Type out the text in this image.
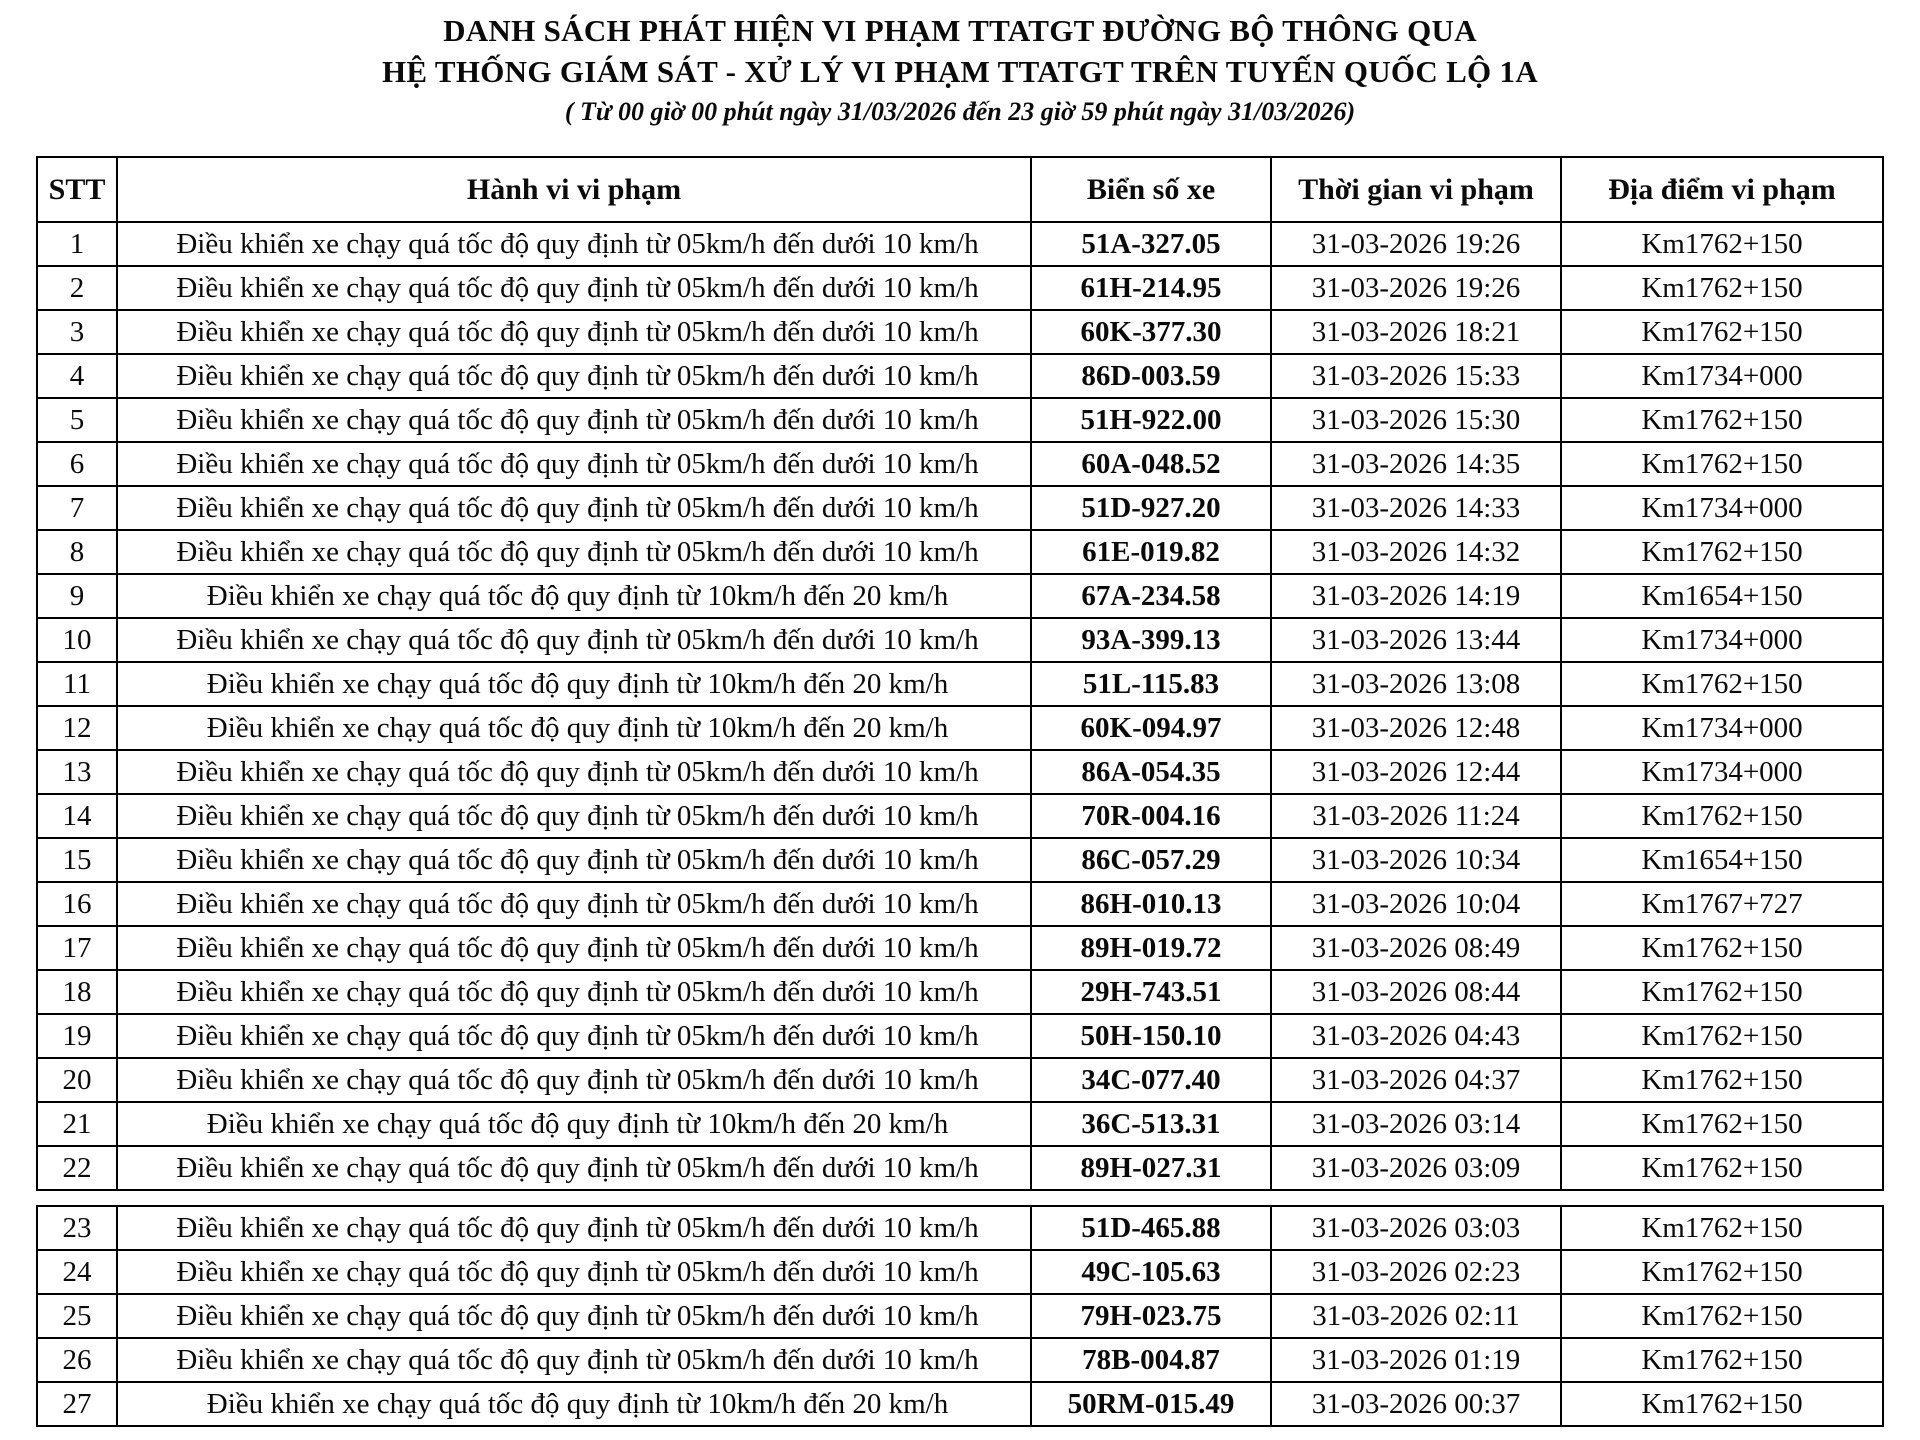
DANH SÁCH PHÁT HIỆN VI PHẠM TTATGT ĐƯỜNG BỘ THÔNG QUA
HỆ THỐNG GIÁM SÁT - XỬ LÝ VI PHẠM TTATGT TRÊN TUYẾN QUỐC LỘ 1A
( Từ 00 giờ 00 phút ngày 31/03/2026 đến 23 giờ 59 phút ngày 31/03/2026)
STT	Hành vi vi phạm	Biển số xe	Thời gian vi phạm	Địa điểm vi phạm
1	Điều khiển xe chạy quá tốc độ quy định từ 05km/h đến dưới 10 km/h	51A-327.05	31-03-2026 19:26	Km1762+150
2	Điều khiển xe chạy quá tốc độ quy định từ 05km/h đến dưới 10 km/h	61H-214.95	31-03-2026 19:26	Km1762+150
3	Điều khiển xe chạy quá tốc độ quy định từ 05km/h đến dưới 10 km/h	60K-377.30	31-03-2026 18:21	Km1762+150
4	Điều khiển xe chạy quá tốc độ quy định từ 05km/h đến dưới 10 km/h	86D-003.59	31-03-2026 15:33	Km1734+000
5	Điều khiển xe chạy quá tốc độ quy định từ 05km/h đến dưới 10 km/h	51H-922.00	31-03-2026 15:30	Km1762+150
6	Điều khiển xe chạy quá tốc độ quy định từ 05km/h đến dưới 10 km/h	60A-048.52	31-03-2026 14:35	Km1762+150
7	Điều khiển xe chạy quá tốc độ quy định từ 05km/h đến dưới 10 km/h	51D-927.20	31-03-2026 14:33	Km1734+000
8	Điều khiển xe chạy quá tốc độ quy định từ 05km/h đến dưới 10 km/h	61E-019.82	31-03-2026 14:32	Km1762+150
9	Điều khiển xe chạy quá tốc độ quy định từ 10km/h đến 20 km/h	67A-234.58	31-03-2026 14:19	Km1654+150
10	Điều khiển xe chạy quá tốc độ quy định từ 05km/h đến dưới 10 km/h	93A-399.13	31-03-2026 13:44	Km1734+000
11	Điều khiển xe chạy quá tốc độ quy định từ 10km/h đến 20 km/h	51L-115.83	31-03-2026 13:08	Km1762+150
12	Điều khiển xe chạy quá tốc độ quy định từ 10km/h đến 20 km/h	60K-094.97	31-03-2026 12:48	Km1734+000
13	Điều khiển xe chạy quá tốc độ quy định từ 05km/h đến dưới 10 km/h	86A-054.35	31-03-2026 12:44	Km1734+000
14	Điều khiển xe chạy quá tốc độ quy định từ 05km/h đến dưới 10 km/h	70R-004.16	31-03-2026 11:24	Km1762+150
15	Điều khiển xe chạy quá tốc độ quy định từ 05km/h đến dưới 10 km/h	86C-057.29	31-03-2026 10:34	Km1654+150
16	Điều khiển xe chạy quá tốc độ quy định từ 05km/h đến dưới 10 km/h	86H-010.13	31-03-2026 10:04	Km1767+727
17	Điều khiển xe chạy quá tốc độ quy định từ 05km/h đến dưới 10 km/h	89H-019.72	31-03-2026 08:49	Km1762+150
18	Điều khiển xe chạy quá tốc độ quy định từ 05km/h đến dưới 10 km/h	29H-743.51	31-03-2026 08:44	Km1762+150
19	Điều khiển xe chạy quá tốc độ quy định từ 05km/h đến dưới 10 km/h	50H-150.10	31-03-2026 04:43	Km1762+150
20	Điều khiển xe chạy quá tốc độ quy định từ 05km/h đến dưới 10 km/h	34C-077.40	31-03-2026 04:37	Km1762+150
21	Điều khiển xe chạy quá tốc độ quy định từ 10km/h đến 20 km/h	36C-513.31	31-03-2026 03:14	Km1762+150
22	Điều khiển xe chạy quá tốc độ quy định từ 05km/h đến dưới 10 km/h	89H-027.31	31-03-2026 03:09	Km1762+150
23	Điều khiển xe chạy quá tốc độ quy định từ 05km/h đến dưới 10 km/h	51D-465.88	31-03-2026 03:03	Km1762+150
24	Điều khiển xe chạy quá tốc độ quy định từ 05km/h đến dưới 10 km/h	49C-105.63	31-03-2026 02:23	Km1762+150
25	Điều khiển xe chạy quá tốc độ quy định từ 05km/h đến dưới 10 km/h	79H-023.75	31-03-2026 02:11	Km1762+150
26	Điều khiển xe chạy quá tốc độ quy định từ 05km/h đến dưới 10 km/h	78B-004.87	31-03-2026 01:19	Km1762+150
27	Điều khiển xe chạy quá tốc độ quy định từ 10km/h đến 20 km/h	50RM-015.49	31-03-2026 00:37	Km1762+150
